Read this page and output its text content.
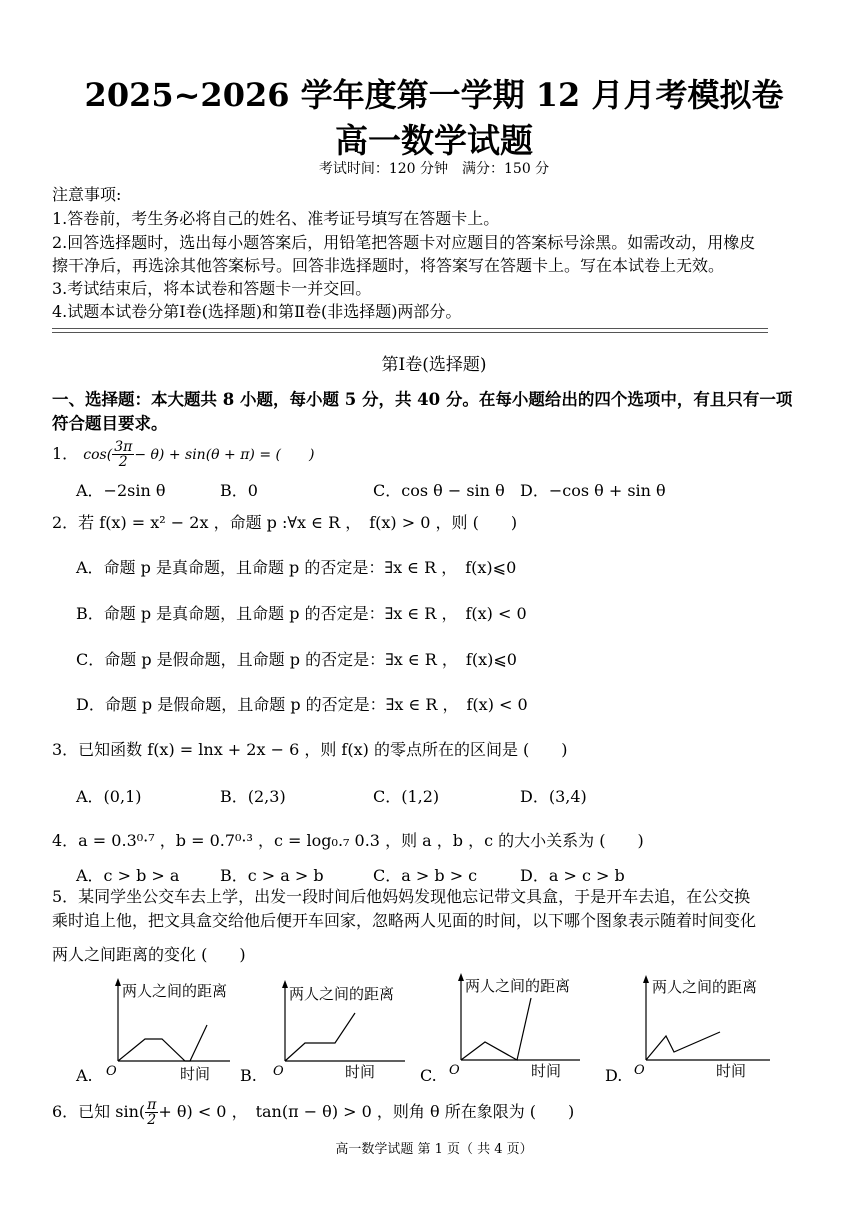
2025~2026 学年度第一学期 12 月月考模拟卷
高一数学试题
考试时间：120 分钟　满分：150 分
注意事项:
1.答卷前，考生务必将自己的姓名、准考证号填写在答题卡上。
2.回答选择题时，选出每小题答案后，用铅笔把答题卡对应题目的答案标号涂黑。如需改动，用橡皮
擦干净后，再选涂其他答案标号。回答非选择题时，将答案写在答题卡上。写在本试卷上无效。
3.考试结束后，将本试卷和答题卡一并交回。
4.试题本试卷分第Ⅰ卷(选择题)和第Ⅱ卷(非选择题)两部分。
第Ⅰ卷(选择题)
一、选择题：本大题共 8 小题，每小题 5 分，共 40 分。在每小题给出的四个选项中，有且只有一项
符合题目要求。
1． $\cos( \frac{3\pi}{2}- \theta) + \sin(\theta + \pi)$ = (　　)
A．−2sin θ	B．0	C．cos θ − sin θ D．−cos θ + sin θ
2．若 f(x) = x² − 2x ，命题 p :∀x ∈ R ，　f(x) > 0 ，则 (　　)
A．命题 p 是真命题，且命题 p 的否定是：∃x ∈ R ，　f(x)⩽0
B．命题 p 是真命题，且命题 p 的否定是：∃x ∈ R ，　f(x) < 0
C．命题 p 是假命题，且命题 p 的否定是：∃x ∈ R ，　f(x)⩽0
D．命题 p 是假命题，且命题 p 的否定是：∃x ∈ R ，　f(x) < 0
3．已知函数 f(x) = lnx + 2x − 6 ，则 f(x) 的零点所在的区间是 (　　)
A．(0,1)	B．(2,3)	C．(1,2)	D．(3,4)
4．a = 0.3⁰·⁷ ，b = 0.7⁰·³ ，c = log₀.₇ 0.3 ，则 a ，b ，c 的大小关系为 (　　)
A．c > b > a	B．c > a > b	C．a > b > c	D．a > c > b
5．某同学坐公交车去上学，出发一段时间后他妈妈发现他忘记带文具盒，于是开车去追，在公交换
乘时追上他，把文具盒交给他后便开车回家，忽略两人见面的时间，以下哪个图象表示随着时间变化
两人之间距离的变化 (　　)
A.
两人之间的距离
O	时间 B.
两人之间的距离
O	时间	C.
两人之间的距离
O	时间	D.
两人之间的距离
O	时间
6．已知 $\sin( \frac{\pi}{2}+ \theta) < 0$ ，　tan(π − θ) > 0 ，则角 θ 所在象限为 (　　)
高一数学试题 第 1 页（ 共 4 页）
